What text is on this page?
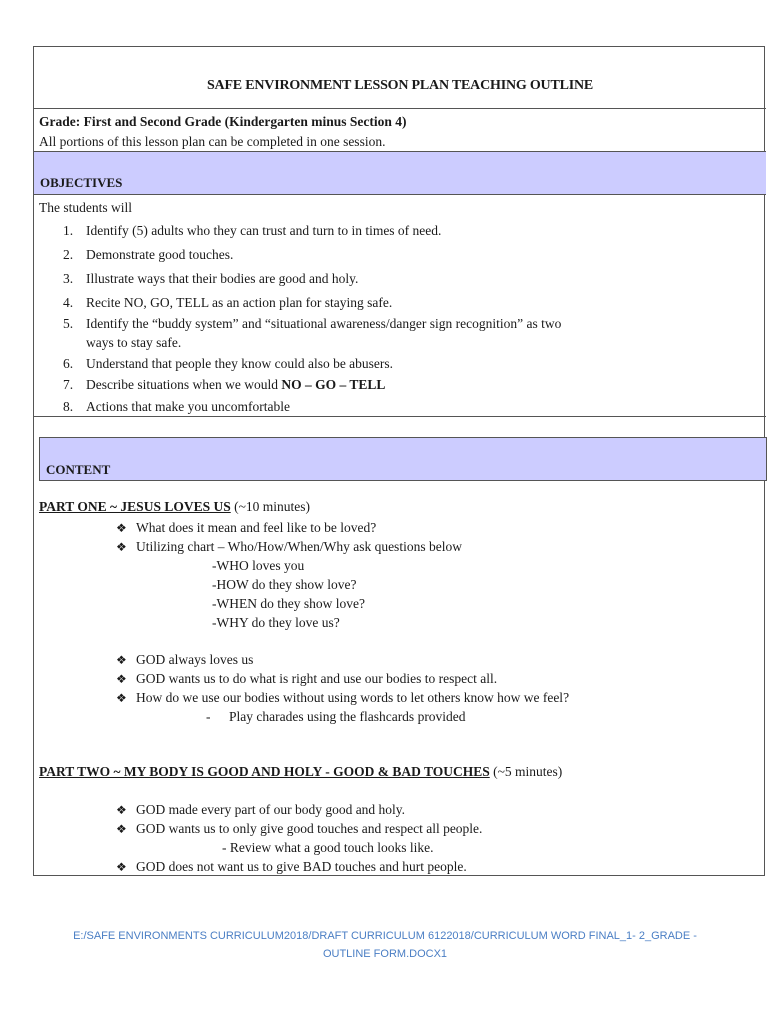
SAFE ENVIRONMENT LESSON PLAN TEACHING OUTLINE
Grade: First and Second Grade (Kindergarten minus Section 4)
All portions of this lesson plan can be completed in one session.
OBJECTIVES
The students will
1. Identify (5) adults who they can trust and turn to in times of need.
2. Demonstrate good touches.
3. Illustrate ways that their bodies are good and holy.
4. Recite NO, GO, TELL as an action plan for staying safe.
5. Identify the “buddy system” and “situational awareness/danger sign recognition” as two
ways to stay safe.
6. Understand that people they know could also be abusers.
7. Describe situations when we would NO – GO – TELL
8. Actions that make you uncomfortable
CONTENT
PART ONE ~ JESUS LOVES US (~10 minutes)
❖ What does it mean and feel like to be loved?
❖ Utilizing chart – Who/How/When/Why ask questions below
-WHO loves you
-HOW do they show love?
-WHEN do they show love?
-WHY do they love us?
❖ GOD always loves us
❖ GOD wants us to do what is right and use our bodies to respect all.
❖ How do we use our bodies without using words to let others know how we feel?
- Play charades using the flashcards provided
PART TWO ~ MY BODY IS GOOD AND HOLY - GOOD & BAD TOUCHES (~5 minutes)
❖ GOD made every part of our body good and holy.
❖ GOD wants us to only give good touches and respect all people.
- Review what a good touch looks like.
❖ GOD does not want us to give BAD touches and hurt people.
E:/SAFE ENVIRONMENTS CURRICULUM2018/DRAFT CURRICULUM 6122018/CURRICULUM WORD FINAL_1- 2_GRADE -
OUTLINE FORM.DOCX1
